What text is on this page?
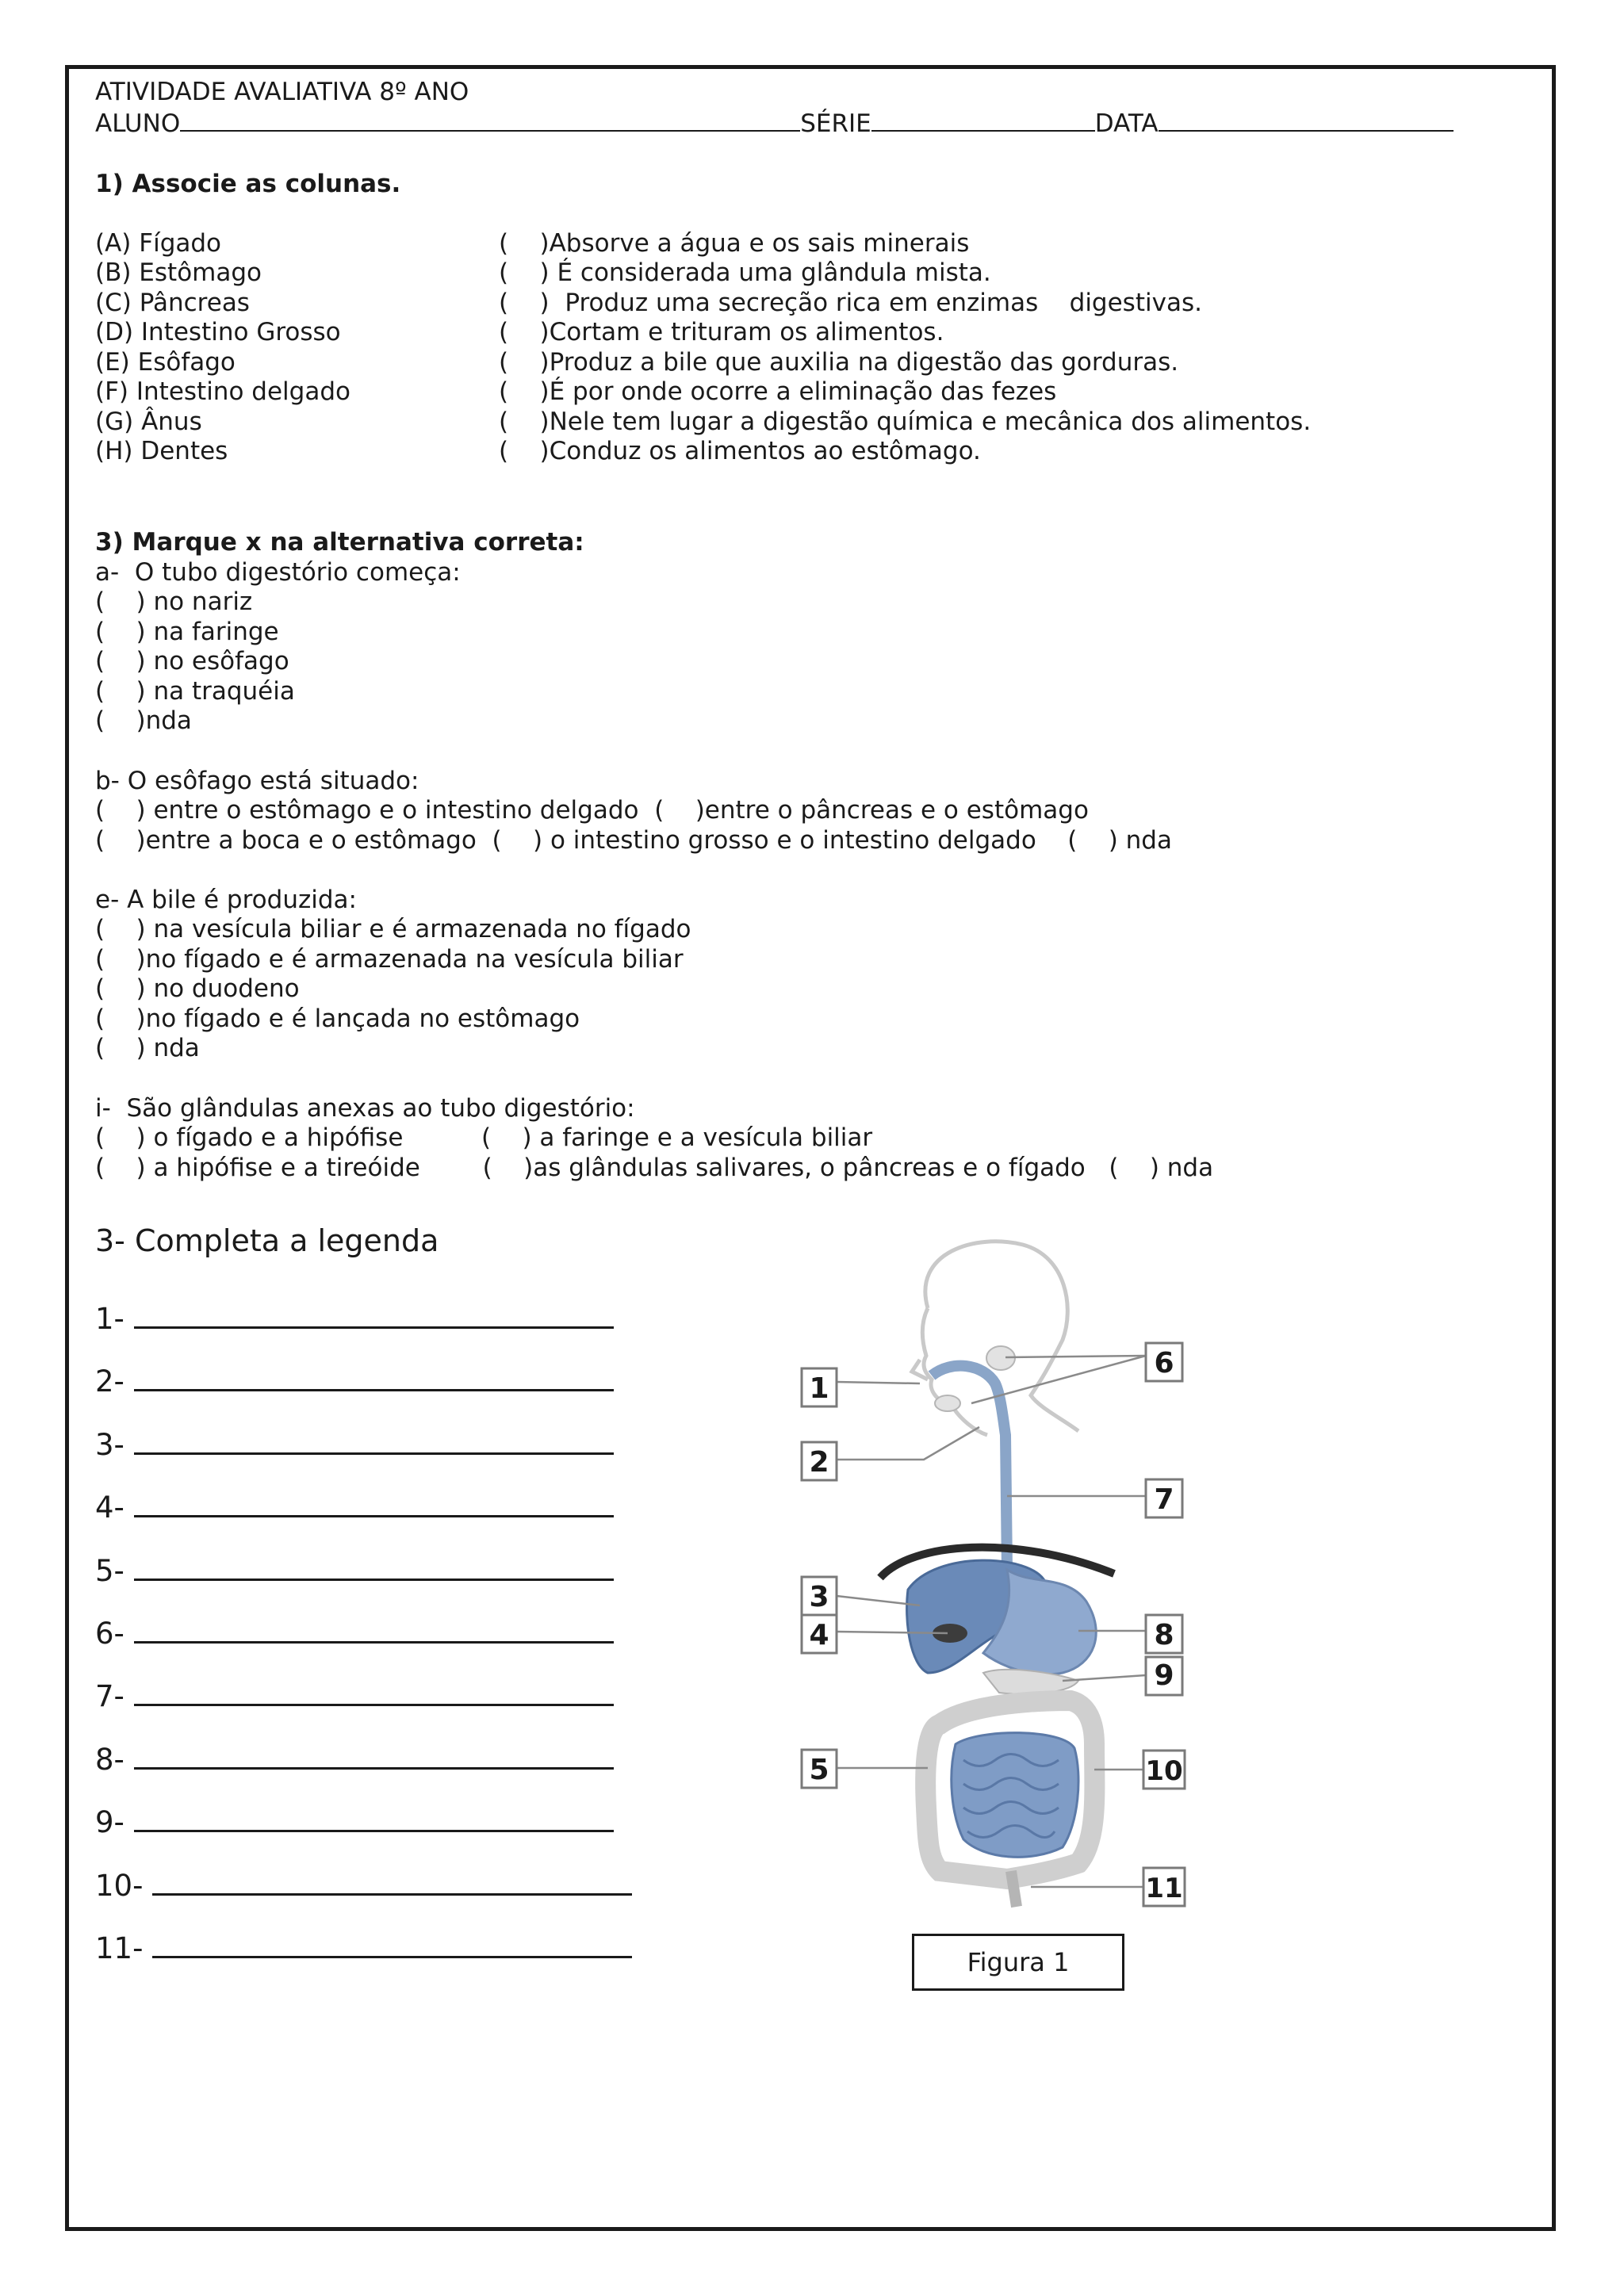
ATIVIDADE AVALIATIVA 8º ANO
ALUNO	SÉRIE	DATA
1) Associe as colunas.
(A) Fígado
(B) Estômago
(C) Pâncreas
(D) Intestino Grosso
(E) Esôfago
(F) Intestino delgado
(G) Ânus
(H) Dentes
(    )Absorve a água e os sais minerais
(    ) É considerada uma glândula mista.
(    )  Produz uma secreção rica em enzimas    digestivas.
(    )Cortam e trituram os alimentos.
(    )Produz a bile que auxilia na digestão das gorduras.
(    )É por onde ocorre a eliminação das fezes
(    )Nele tem lugar a digestão química e mecânica dos alimentos.
(    )Conduz os alimentos ao estômago.
3) Marque x na alternativa correta:
a-  O tubo digestório começa:
(    ) no nariz
(    ) na faringe
(    ) no esôfago
(    ) na traquéia
(    )nda
b- O esôfago está situado:
(    ) entre o estômago e o intestino delgado  (    )entre o pâncreas e o estômago
(    )entre a boca e o estômago  (    ) o intestino grosso e o intestino delgado    (    ) nda
e- A bile é produzida:
(    ) na vesícula biliar e é armazenada no fígado
(    )no fígado e é armazenada na vesícula biliar
(    ) no duodeno
(    )no fígado e é lançada no estômago
(    ) nda
i-  São glândulas anexas ao tubo digestório:
(    ) o fígado e a hipófise          (    ) a faringe e a vesícula biliar
(    ) a hipófise e a tireóide        (    )as glândulas salivares, o pâncreas e o fígado   (    ) nda
3- Completa a legenda
1-
2-
3-
4-
5-
6-
7-
8-
9-
10-
11-
1
2
3
4
5
6
7
8
9
10
11
Figura 1
